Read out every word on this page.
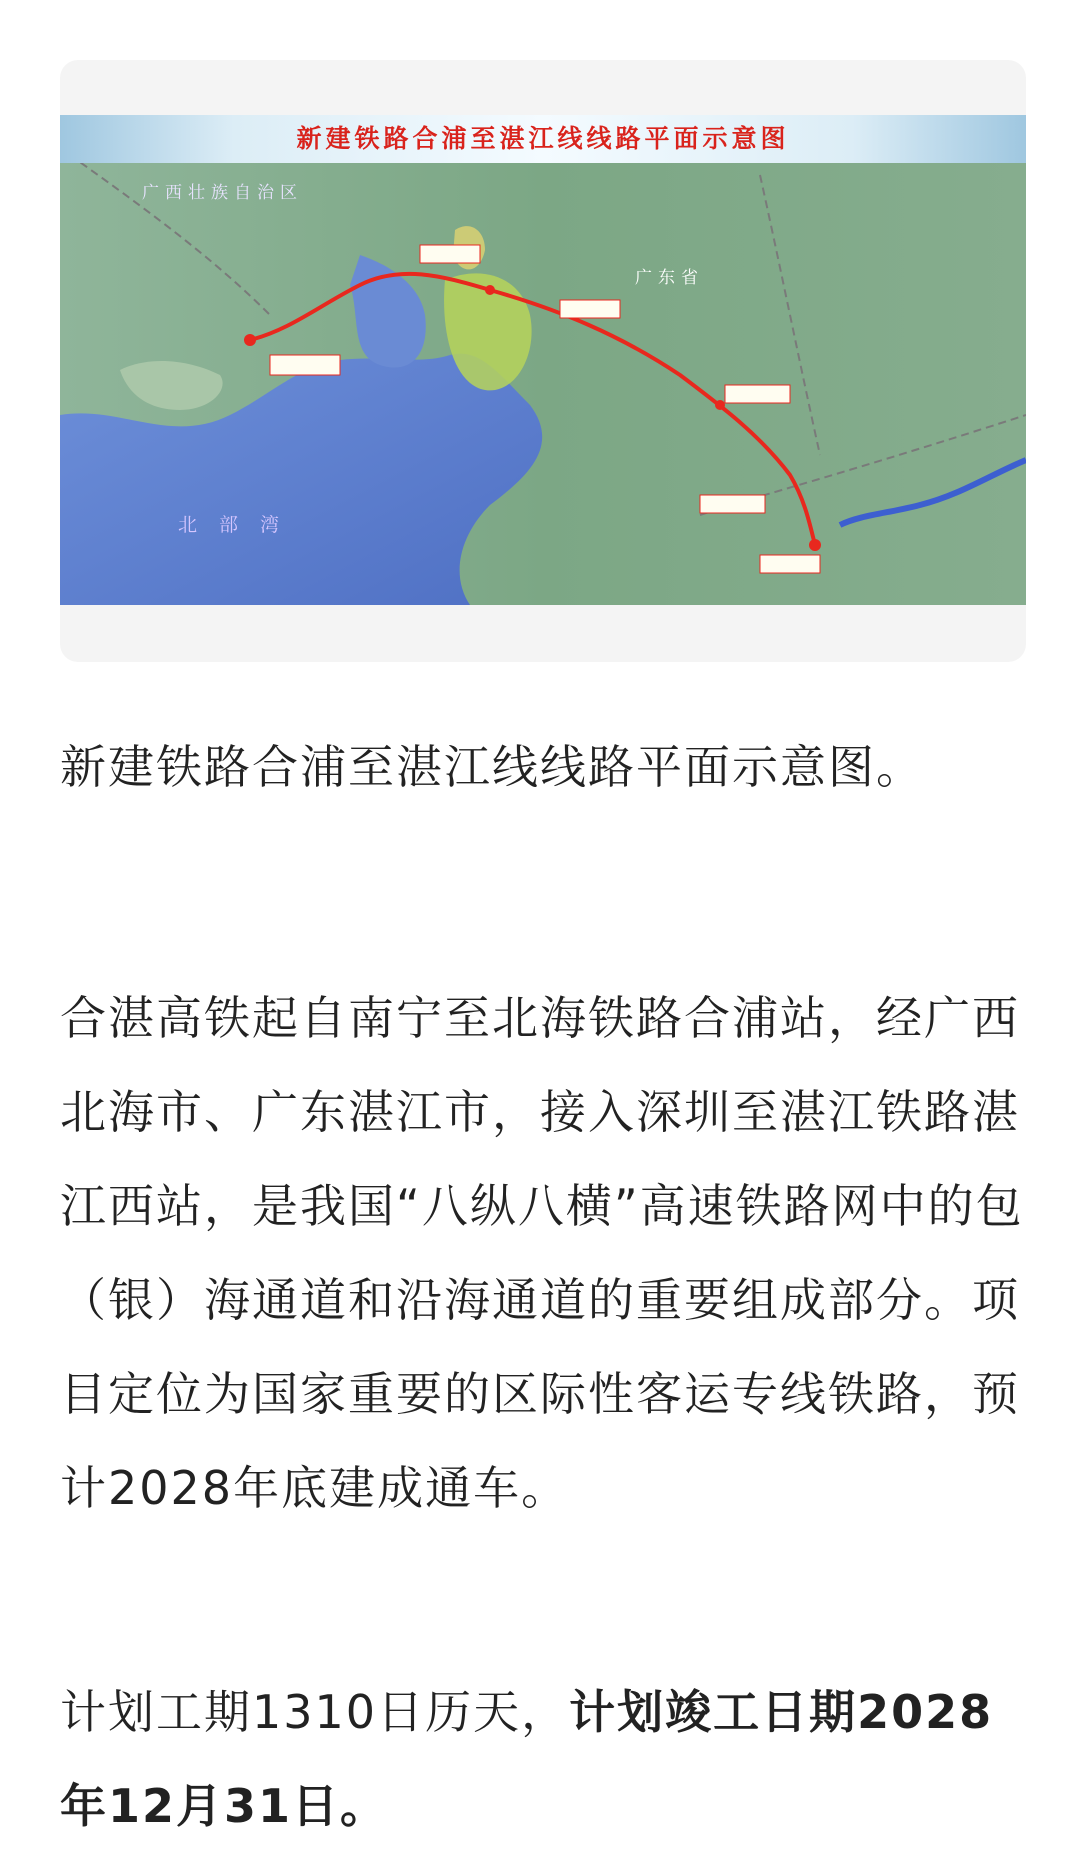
新建铁路合浦至湛江线线路平面示意图
广西壮族自治区
广东省
北部湾

新建铁路合浦至湛江线线路平面示意图。

合湛高铁起自南宁至北海铁路合浦站，经广西北海市、广东湛江市，接入深圳至湛江铁路湛江西站，是我国“八纵八横”高速铁路网中的包（银）海通道和沿海通道的重要组成部分。项目定位为国家重要的区际性客运专线铁路，预计2028年底建成通车。

计划工期1310日历天，计划竣工日期2028年12月31日。
